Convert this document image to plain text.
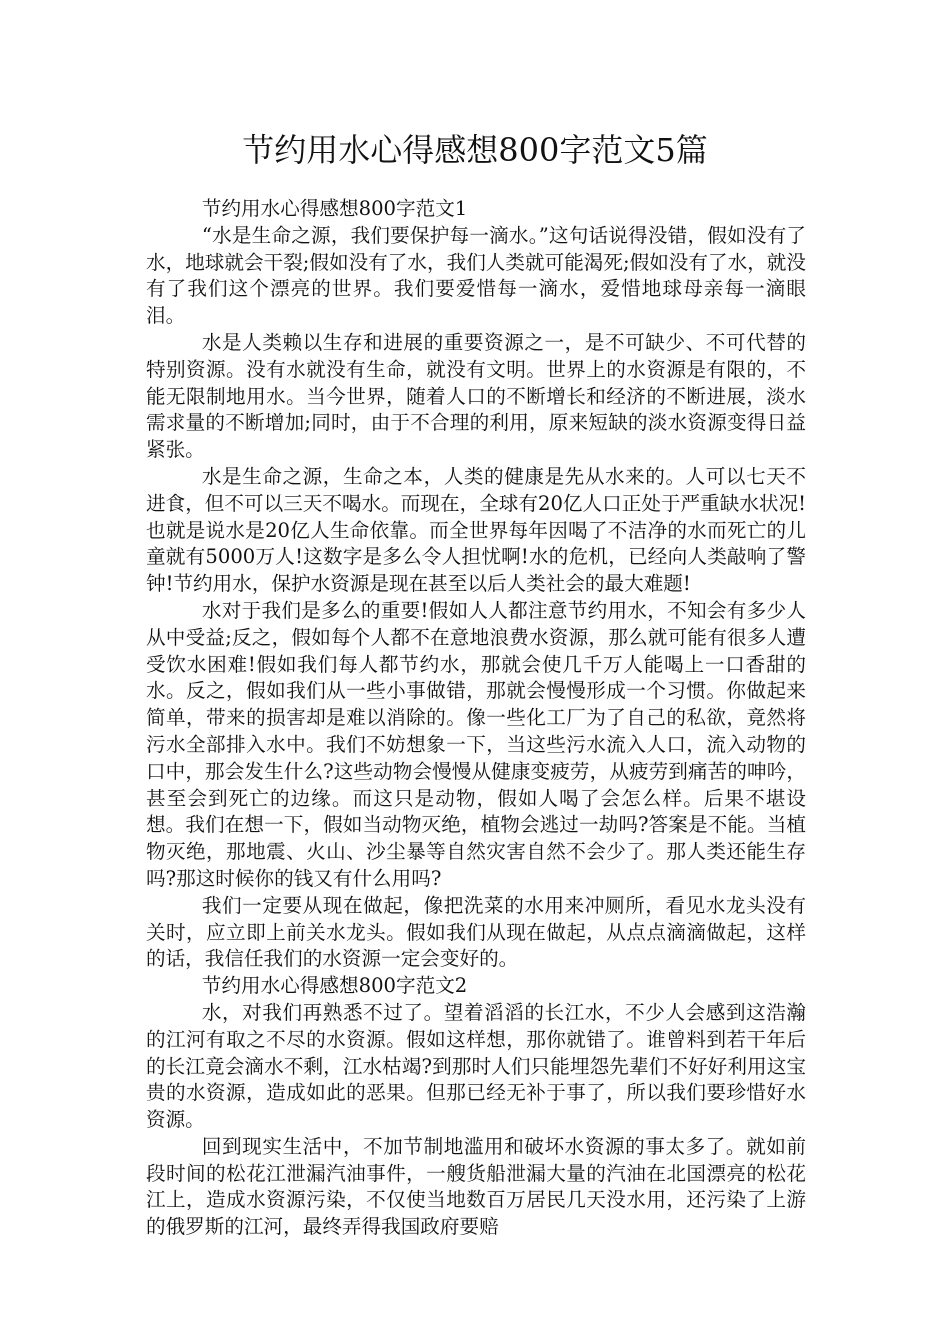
节约用水心得感想800字范文5篇

节约用水心得感想800字范文1

“水是生命之源，我们要保护每一滴水。”这句话说得没错，假如没有了水，地球就会干裂;假如没有了水，我们人类就可能渴死;假如没有了水，就没有了我们这个漂亮的世界。我们要爱惜每一滴水，爱惜地球母亲每一滴眼泪。

水是人类赖以生存和进展的重要资源之一，是不可缺少、不可代替的特别资源。没有水就没有生命，就没有文明。世界上的水资源是有限的，不能无限制地用水。当今世界，随着人口的不断增长和经济的不断进展，淡水需求量的不断增加;同时，由于不合理的利用，原来短缺的淡水资源变得日益紧张。

水是生命之源，生命之本，人类的健康是先从水来的。人可以七天不进食，但不可以三天不喝水。而现在，全球有20亿人口正处于严重缺水状况!也就是说水是20亿人生命依靠。而全世界每年因喝了不洁净的水而死亡的儿童就有5000万人!这数字是多么令人担忧啊!水的危机，已经向人类敲响了警钟!节约用水，保护水资源是现在甚至以后人类社会的最大难题!

水对于我们是多么的重要!假如人人都注意节约用水，不知会有多少人从中受益;反之，假如每个人都不在意地浪费水资源，那么就可能有很多人遭受饮水困难!假如我们每人都节约水，那就会使几千万人能喝上一口香甜的水。反之，假如我们从一些小事做错，那就会慢慢形成一个习惯。你做起来简单，带来的损害却是难以消除的。像一些化工厂为了自己的私欲，竟然将污水全部排入水中。我们不妨想象一下，当这些污水流入人口，流入动物的口中，那会发生什么?这些动物会慢慢从健康变疲劳，从疲劳到痛苦的呻吟，甚至会到死亡的边缘。而这只是动物，假如人喝了会怎么样。后果不堪设想。我们在想一下，假如当动物灭绝，植物会逃过一劫吗?答案是不能。当植物灭绝，那地震、火山、沙尘暴等自然灾害自然不会少了。那人类还能生存吗?那这时候你的钱又有什么用吗?

我们一定要从现在做起，像把洗菜的水用来冲厕所，看见水龙头没有关时，应立即上前关水龙头。假如我们从现在做起，从点点滴滴做起，这样的话，我信任我们的水资源一定会变好的。

节约用水心得感想800字范文2

水，对我们再熟悉不过了。望着滔滔的长江水，不少人会感到这浩瀚的江河有取之不尽的水资源。假如这样想，那你就错了。谁曾料到若干年后的长江竟会滴水不剩，江水枯竭?到那时人们只能埋怨先辈们不好好利用这宝贵的水资源，造成如此的恶果。但那已经无补于事了，所以我们要珍惜好水资源。

回到现实生活中，不加节制地滥用和破坏水资源的事太多了。就如前段时间的松花江泄漏汽油事件，一艘货船泄漏大量的汽油在北国漂亮的松花江上，造成水资源污染，不仅使当地数百万居民几天没水用，还污染了上游的俄罗斯的江河，最终弄得我国政府要赔
